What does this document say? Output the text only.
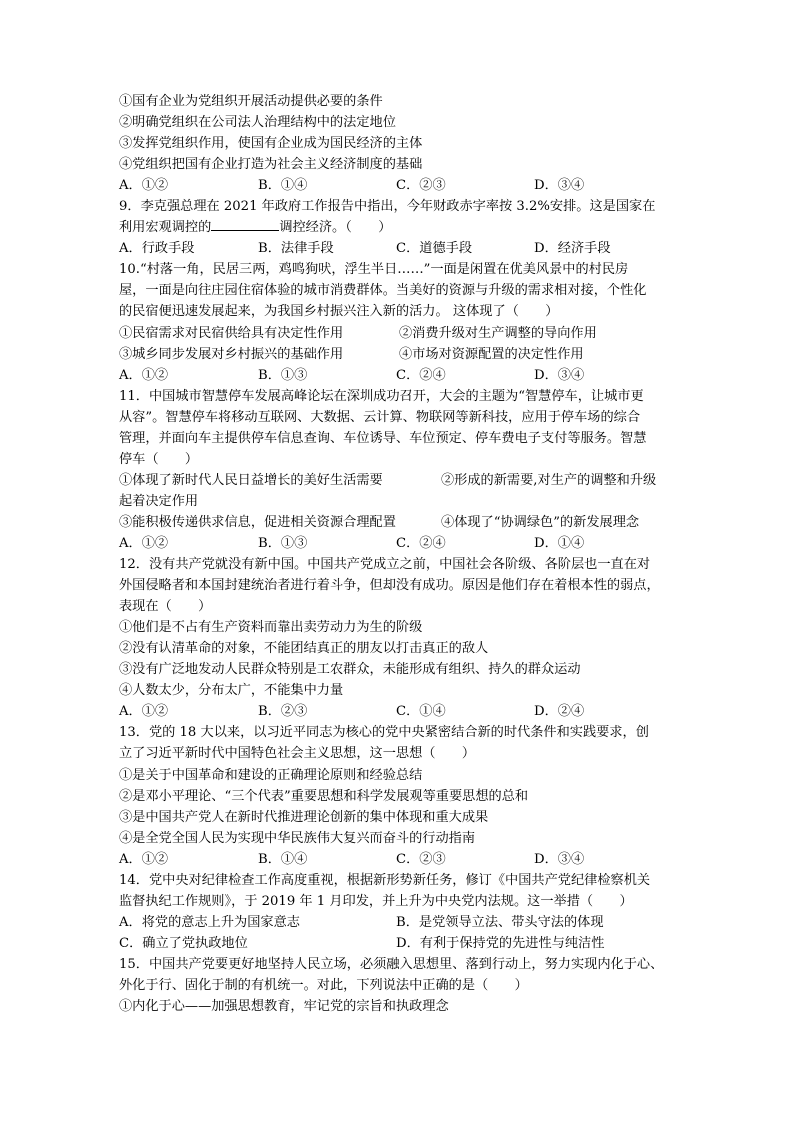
①国有企业为党组织开展活动提供必要的条件
②明确党组织在公司法人治理结构中的法定地位
③发挥党组织作用，使国有企业成为国民经济的主体
④党组织把国有企业打造为社会主义经济制度的基础
A．①②	B．①④	C．②③	D．③④
9．李克强总理在 2021 年政府工作报告中指出，今年财政赤字率按 3.2%安排。这是国家在
利用宏观调控的	调控经济。（　　）
A．行政手段	B．法律手段	C．道德手段	D．经济手段
10.“村落一角，民居三两，鸡鸣狗吠，浮生半日……”一面是闲置在优美风景中的村民房
屋，一面是向往庄园住宿体验的城市消费群体。当美好的资源与升级的需求相对接，个性化
的民宿便迅速发展起来，为我国乡村振兴注入新的活力。 这体现了（　　）
①民宿需求对民宿供给具有决定性作用	②消费升级对生产调整的导向作用
③城乡同步发展对乡村振兴的基础作用	④市场对资源配置的决定性作用
A．①②	B．①③	C．②④	D．③④
11．中国城市智慧停车发展高峰论坛在深圳成功召开，大会的主题为“智慧停车，让城市更
从容”。智慧停车将移动互联网、大数据、云计算、物联网等新科技，应用于停车场的综合
管理，并面向车主提供停车信息查询、车位诱导、车位预定、停车费电子支付等服务。智慧
停车（　　）
①体现了新时代人民日益增长的美好生活需要	②形成的新需要,对生产的调整和升级
起着决定作用
③能积极传递供求信息，促进相关资源合理配置	④体现了“协调绿色”的新发展理念
A．①②	B．①③	C．②④	D．①④
12．没有共产党就没有新中国。中国共产党成立之前，中国社会各阶级、各阶层也一直在对
外国侵略者和本国封建统治者进行着斗争，但却没有成功。原因是他们存在着根本性的弱点，
表现在（　　）
①他们是不占有生产资料而靠出卖劳动力为生的阶级
②没有认清革命的对象，不能团结真正的朋友以打击真正的敌人
③没有广泛地发动人民群众特别是工农群众，未能形成有组织、持久的群众运动
④人数太少，分布太广，不能集中力量
A．①②	B．②③	C．①④	D．②④
13．党的 18 大以来，以习近平同志为核心的党中央紧密结合新的时代条件和实践要求，创
立了习近平新时代中国特色社会主义思想，这一思想（　　）
①是关于中国革命和建设的正确理论原则和经验总结
②是邓小平理论、“三个代表”重要思想和科学发展观等重要思想的总和
③是中国共产党人在新时代推进理论创新的集中体现和重大成果
④是全党全国人民为实现中华民族伟大复兴而奋斗的行动指南
A．①②	B．①④	C．②③	D．③④
14．党中央对纪律检查工作高度重视，根据新形势新任务，修订《中国共产党纪律检察机关
监督执纪工作规则》，于 2019 年 1 月印发，并上升为中央党内法规。这一举措（　　）
A．将党的意志上升为国家意志	B．是党领导立法、带头守法的体现
C．确立了党执政地位	D．有利于保持党的先进性与纯洁性
15．中国共产党要更好地坚持人民立场，必须融入思想里、落到行动上，努力实现内化于心、
外化于行、固化于制的有机统一。对此，下列说法中正确的是（　　）
①内化于心——加强思想教育，牢记党的宗旨和执政理念
